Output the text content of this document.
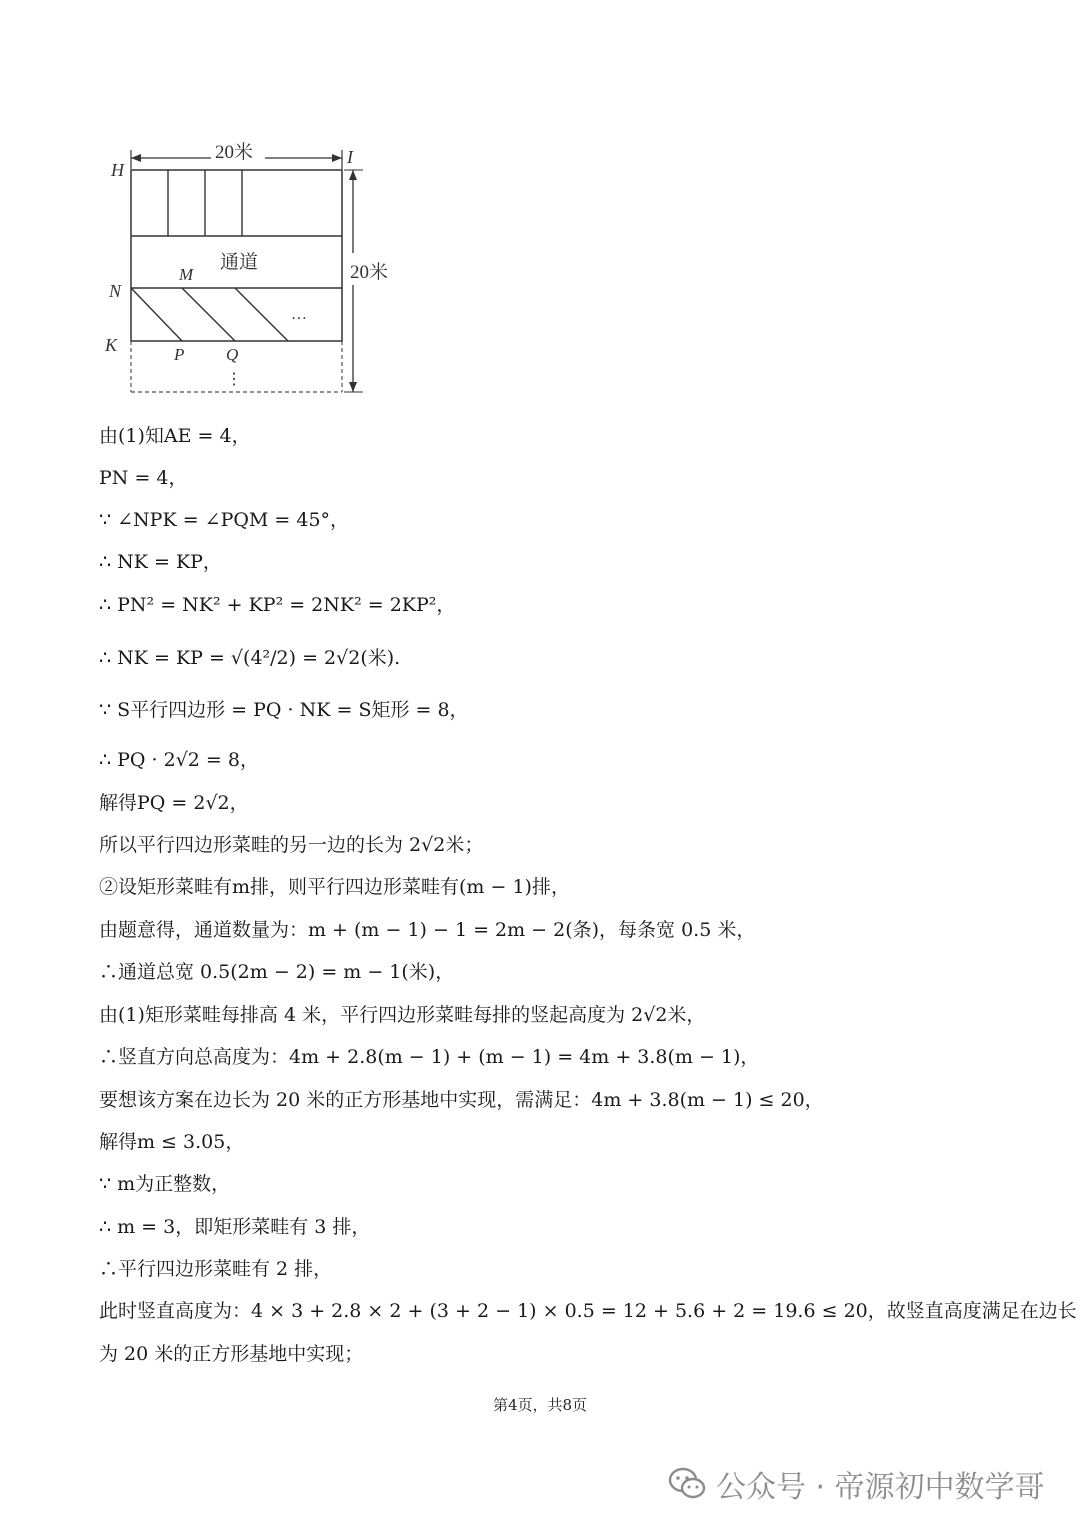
20米
20米
通道
H
I
N
K
M
P Q
…
⋮
由(1)知AE = 4，
PN = 4，
∵ ∠NPK = ∠PQM = 45°，
∴ NK = KP，
∴ PN² = NK² + KP² = 2NK² = 2KP²，
∴ NK = KP = √(4²/2) = 2√2(米).
∵ S平行四边形 = PQ · NK = S矩形 = 8，
∴ PQ · 2√2 = 8，
解得PQ = 2√2，
所以平行四边形菜畦的另一边的长为 2√2米；
②设矩形菜畦有m排，则平行四边形菜畦有(m − 1)排，
由题意得，通道数量为：m + (m − 1) − 1 = 2m − 2(条)，每条宽 0.5 米，
∴通道总宽 0.5(2m − 2) = m − 1(米)，
由(1)矩形菜畦每排高 4 米，平行四边形菜畦每排的竖起高度为 2√2米，
∴竖直方向总高度为：4m + 2.8(m − 1) + (m − 1) = 4m + 3.8(m − 1)，
要想该方案在边长为 20 米的正方形基地中实现，需满足：4m + 3.8(m − 1) ≤ 20，
解得m ≤ 3.05，
∵ m为正整数，
∴ m = 3，即矩形菜畦有 3 排，
∴平行四边形菜畦有 2 排，
此时竖直高度为：4 × 3 + 2.8 × 2 + (3 + 2 − 1) × 0.5 = 12 + 5.6 + 2 = 19.6 ≤ 20，故竖直高度满足在边长
为 20 米的正方形基地中实现；
第4页，共8页
公众号 · 帝源初中数学哥
